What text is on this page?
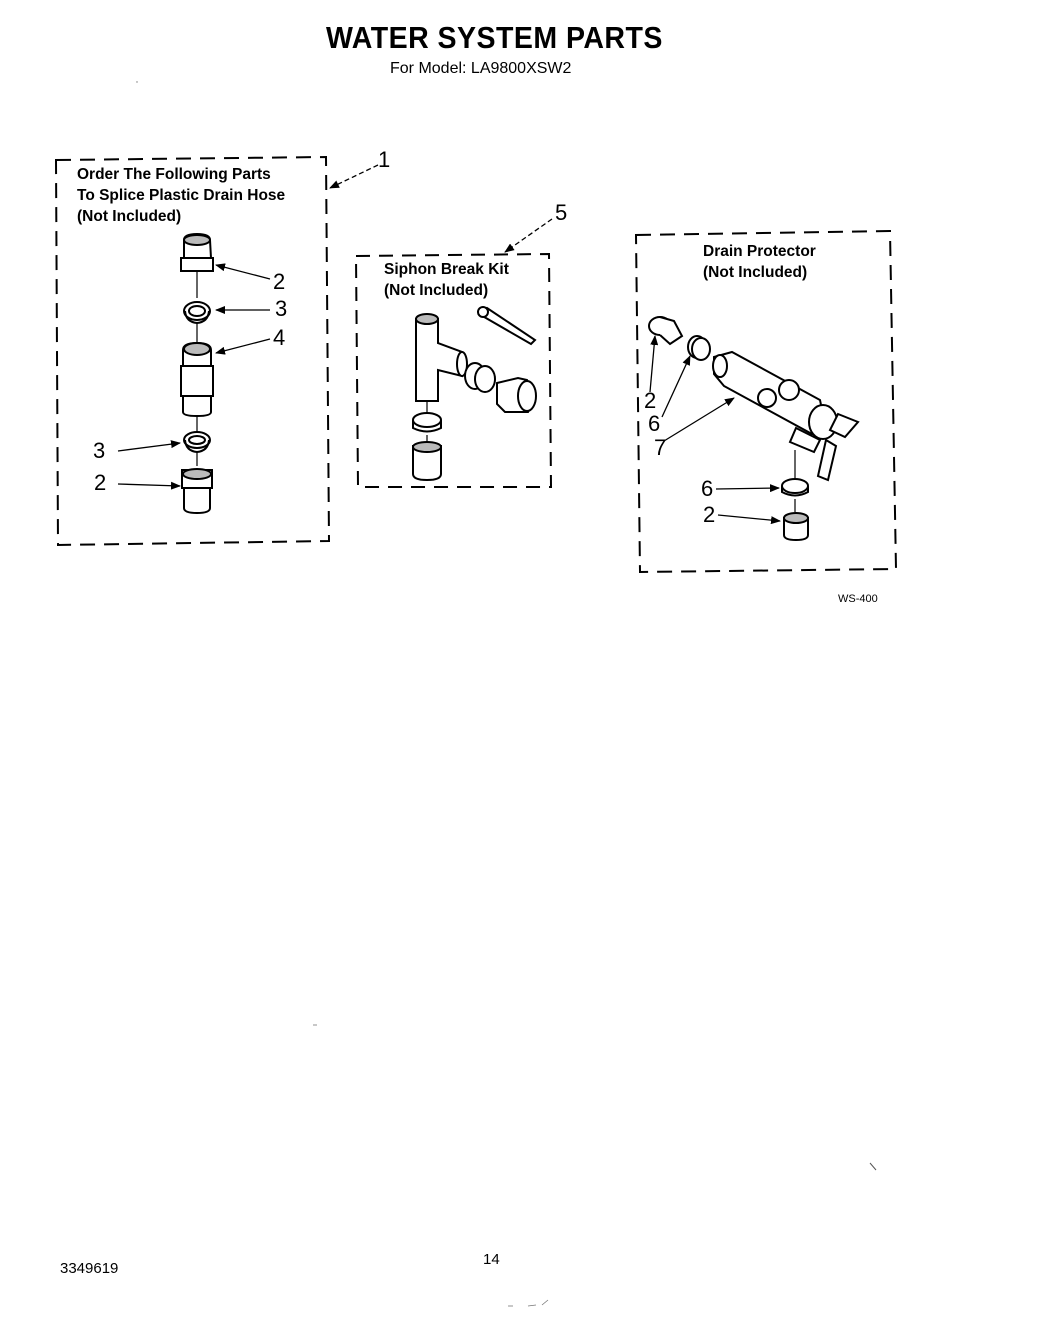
WATER SYSTEM PARTS
For Model: LA9800XSW2
Order The Following Parts
To Splice Plastic Drain Hose
(Not Included)
1
2
3
4
3
2
Siphon Break Kit
(Not Included)
5
Drain Protector
(Not Included)
2
6
7
6
2
WS-400
3349619
14
